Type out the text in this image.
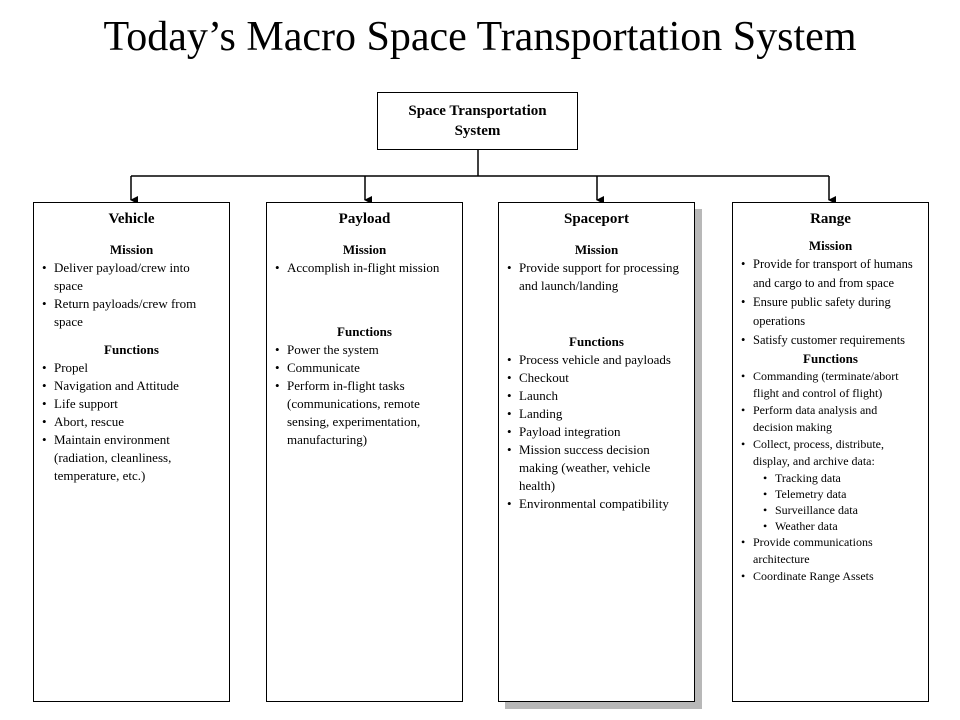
Today’s Macro Space Transportation System
Space Transportation
System
Vehicle
Mission
• Deliver payload/crew into space
• Return payloads/crew from space
Functions
• Propel
• Navigation and Attitude
• Life support
• Abort, rescue
• Maintain environment (radiation, cleanliness, temperature, etc.)
Payload
Mission
• Accomplish in-flight mission
Functions
• Power the system
• Communicate
• Perform in-flight tasks (communications, remote sensing, experimentation, manufacturing)
Spaceport
Mission
• Provide support for processing and launch/landing
Functions
• Process vehicle and payloads
• Checkout
• Launch
• Landing
• Payload integration
• Mission success decision making (weather, vehicle health)
• Environmental compatibility
Range
Mission
• Provide for transport of humans and cargo to and from space
• Ensure public safety during operations
• Satisfy customer requirements
Functions
• Commanding (terminate/abort flight and control of flight)
• Perform data analysis and decision making
• Collect, process, distribute, display, and archive data:
• Tracking data
• Telemetry data
• Surveillance data
• Weather data
• Provide communications architecture
• Coordinate Range Assets
